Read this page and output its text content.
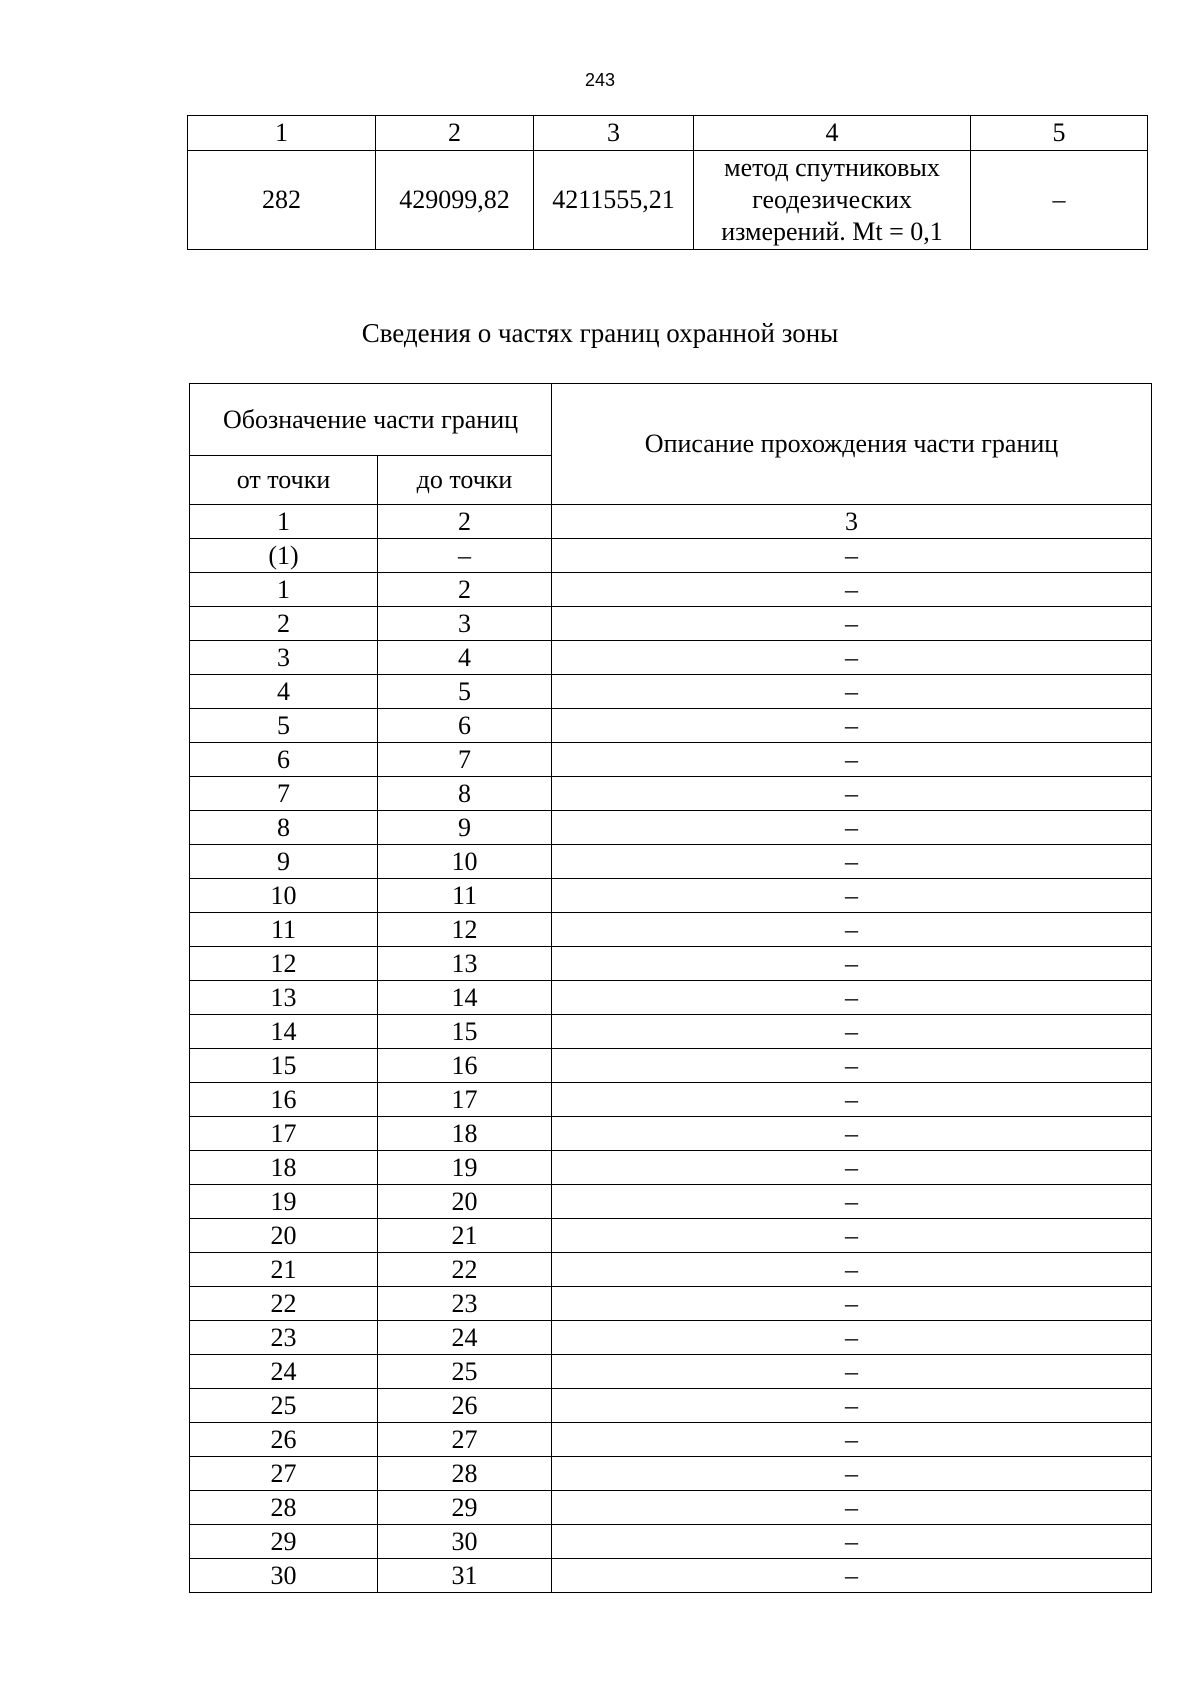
243
1	2	3	4	5
282	429099,82	4211555,21	метод спутниковых геодезических измерений. Mt = 0,1	–
Сведения о частях границ охранной зоны
Обозначение части границ		Описание прохождения части границ
от точки	до точки	
1	2	3
(1)	–	–
1	2	–
2	3	–
3	4	–
4	5	–
5	6	–
6	7	–
7	8	–
8	9	–
9	10	–
10	11	–
11	12	–
12	13	–
13	14	–
14	15	–
15	16	–
16	17	–
17	18	–
18	19	–
19	20	–
20	21	–
21	22	–
22	23	–
23	24	–
24	25	–
25	26	–
26	27	–
27	28	–
28	29	–
29	30	–
30	31	–
